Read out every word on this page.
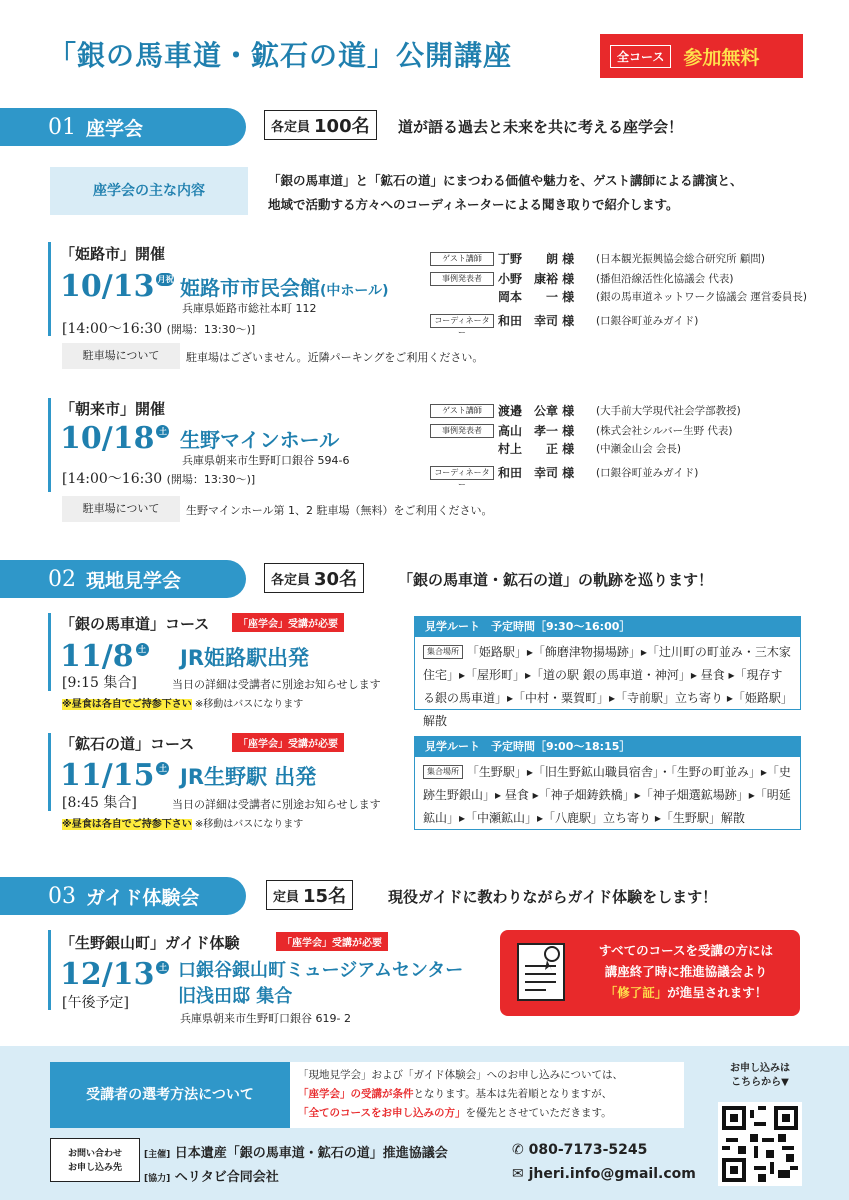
「銀の馬車道・鉱石の道」公開講座	全コース	参加無料
01 座学会	各定員 100名 道が語る過去と未来を共に考える座学会！
座学会の主な内容
「銀の馬車道」と「鉱石の道」にまつわる価値や魅力を、ゲスト講師による講演と、
地域で活動する方々へのコーディネーターによる聞き取りで紹介します。
「姫路市」開催
10/13 月祝 姫路市市民会館(中ホール)
兵庫県姫路市総社本町 112
[14:00～16:30 (開場：13:30～)]
ゲスト講師	丁野　　朗 様 (日本観光振興協会総合研究所 顧問)
事例発表者	小野　康裕 様 (播但沿線活性化協議会 代表)
岡本　　一 様 (銀の馬車道ネットワーク協議会 運営委員長)
コーディネーター
和田　幸司 様 (口銀谷町並みガイド)
駐車場について	駐車場はございません。近隣パーキングをご利用ください。
「朝来市」開催
10/18 土 生野マインホール
兵庫県朝来市生野町口銀谷 594-6
[14:00～16:30 (開場：13:30～)]
ゲスト講師	渡邉　公章 様 (大手前大学現代社会学部教授)
事例発表者	高山　孝一 様 (株式会社シルバー生野 代表)
村上　　正 様 (中瀬金山会 会長)
コーディネーター
和田　幸司 様 (口銀谷町並みガイド)
駐車場について	生野マインホール第 1、2 駐車場（無料）をご利用ください。
02 現地見学会	各定員 30名	「銀の馬車道・鉱石の道」の軌跡を巡ります！
「銀の馬車道」コース	「座学会」受講が必要
11/8 土 JR姫路駅出発
[9:15 集合]	当日の詳細は受講者に別途お知らせします
※昼食は各自でご持参下さい ※移動はバスになります
見学ルート　予定時間［9:30～16:00］
集合場所 「姫路駅」▸「飾磨津物揚場跡」▸「辻川町の町並み・三木家住宅」▸「屋形町」▸「道の駅 銀の馬車道・神河」▸ 昼食 ▸「現存する銀の馬車道」▸「中村・粟賀町」▸「寺前駅」立ち寄り ▸「姫路駅」解散
「鉱石の道」コース	「座学会」受講が必要
11/15 土 JR生野駅 出発
[8:45 集合]	当日の詳細は受講者に別途お知らせします
※昼食は各自でご持参下さい ※移動はバスになります
見学ルート　予定時間［9:00～18:15］
集合場所 「生野駅」▸「旧生野鉱山職員宿舎」・「生野の町並み」▸「史跡生野銀山」▸ 昼食 ▸「神子畑鋳鉄橋」▸「神子畑選鉱場跡」▸「明延鉱山」▸「中瀬鉱山」▸「八鹿駅」立ち寄り ▸「生野駅」解散
03 ガイド体験会	定員 15名	現役ガイドに教わりながらガイド体験をします！
「生野銀山町」ガイド体験	「座学会」受講が必要
12/13 土
[午後予定]
口銀谷銀山町ミュージアムセンター
旧浅田邸 集合
兵庫県朝来市生野町口銀谷 619- 2
すべてのコースを受講の方には
講座終了時に推進協議会より
「修了証」が進呈されます！
受講者の選考方法について
「現地見学会」および「ガイド体験会」へのお申し込みについては、
「座学会」の受講が条件となります。基本は先着順となりますが、
「全てのコースをお申し込みの方」を優先とさせていただきます。
お問い合わせ
お申し込み先
[主催] 日本遺産「銀の馬車道・鉱石の道」推進協議会
[協力] ヘリタビ合同会社
✆ 080-7173-5245
✉ jheri.info@gmail.com
お申し込みは
こちらから▼
